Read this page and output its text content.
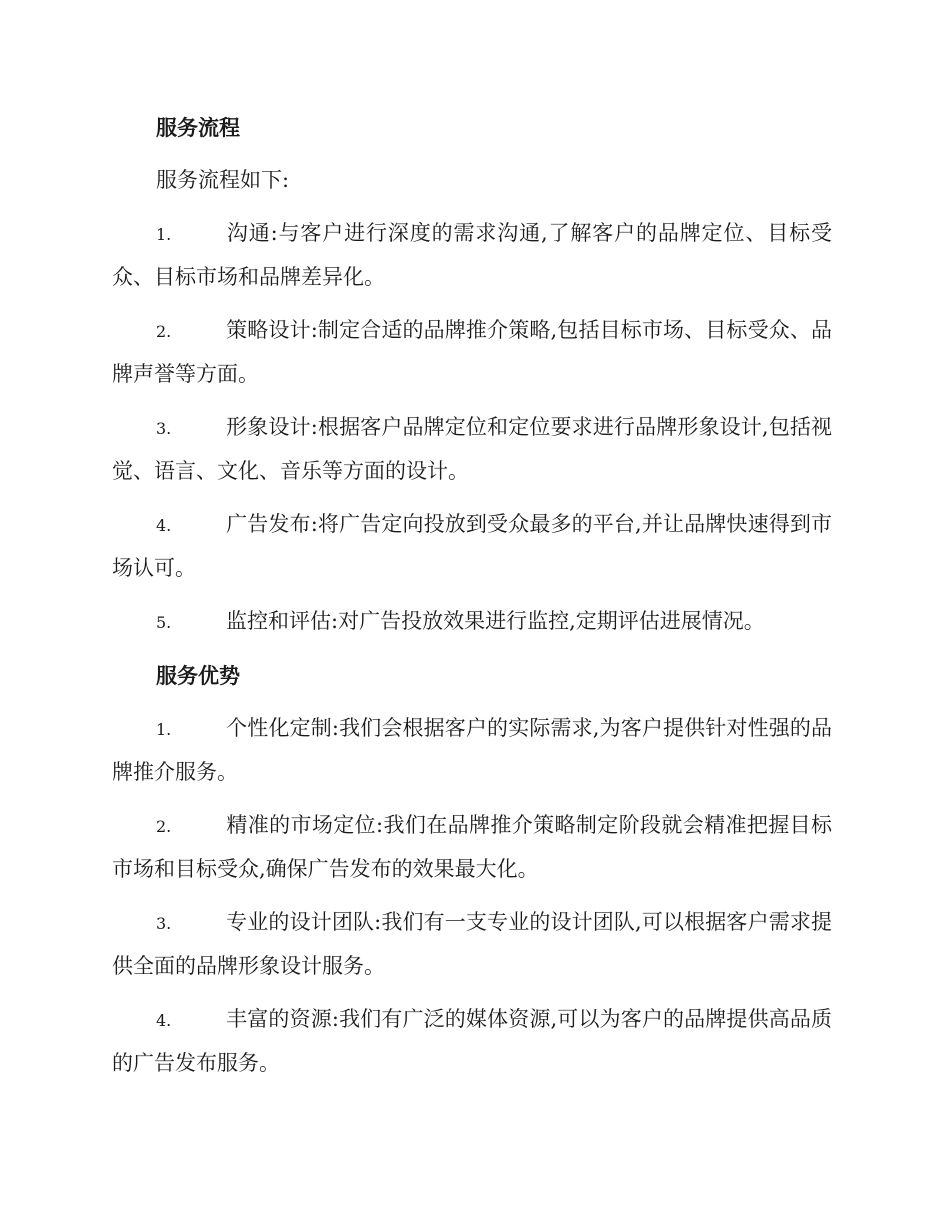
服务流程
服务流程如下:
1.	沟通:与客户进行深度的需求沟通,了解客户的品牌定位、目标受众、目标市场和品牌差异化。
2.	策略设计:制定合适的品牌推介策略,包括目标市场、目标受众、品牌声誉等方面。
3.	形象设计:根据客户品牌定位和定位要求进行品牌形象设计,包括视觉、语言、文化、音乐等方面的设计。
4.	广告发布:将广告定向投放到受众最多的平台,并让品牌快速得到市场认可。
5.	监控和评估:对广告投放效果进行监控,定期评估进展情况。
服务优势
1.	个性化定制:我们会根据客户的实际需求,为客户提供针对性强的品牌推介服务。
2.	精准的市场定位:我们在品牌推介策略制定阶段就会精准把握目标市场和目标受众,确保广告发布的效果最大化。
3.	专业的设计团队:我们有一支专业的设计团队,可以根据客户需求提供全面的品牌形象设计服务。
4.	丰富的资源:我们有广泛的媒体资源,可以为客户的品牌提供高品质的广告发布服务。
